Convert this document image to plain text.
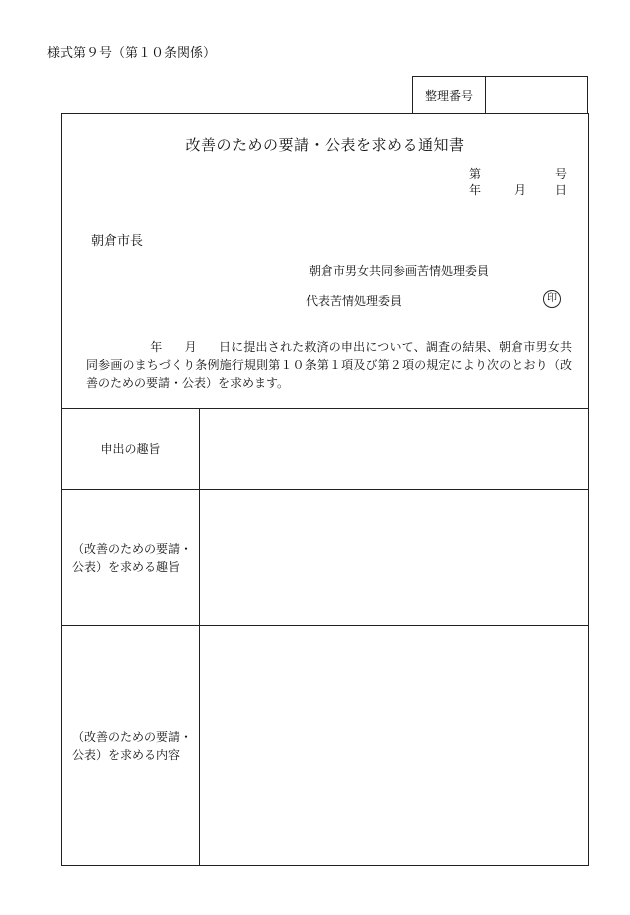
様式第９号（第１０条関係）
整理番号
改善のための要請・公表を求める通知書
第	号
年	月 日
朝倉市長
朝倉市男女共同参画苦情処理委員
代表苦情処理委員	印
年 月 日に提出された救済の申出について、調査の結果、朝倉市男女共同参画のまちづくり条例施行規則第１０条第１項及び第２項の規定により次のとおり（改善のための要請・公表）を求めます。
申出の趣旨
（改善のための要請・
公表）を求める趣旨
（改善のための要請・
公表）を求める内容
